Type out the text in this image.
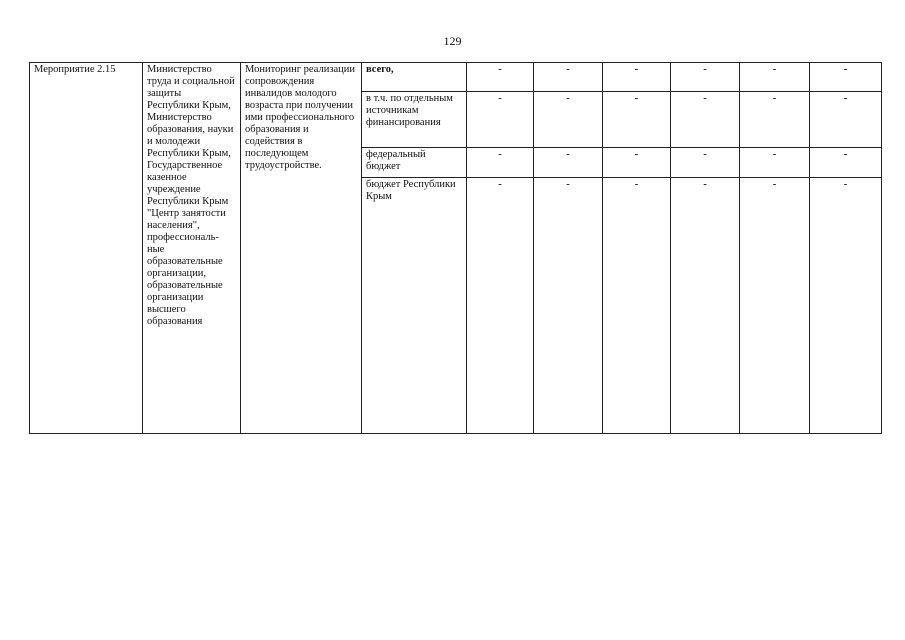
129
Мероприятие 2.15	Министерство труда и социальной защиты Республики Крым, Министерство образования, науки и молодежи Республики Крым, Государственное казенное учреждение Республики Крым "Центр занятости населения", профессиональ-ные образовательные организации, образовательные организации высшего образования	Мониторинг реализации сопровождения инвалидов молодого возраста при получении ими профессионального образования и содействия в последующем трудоустройстве.	всего,	-	-	-	-	-	-
			в т.ч. по отдельным источникам финансирования	-	-	-	-	-	-
			федеральный бюджет	-	-	-	-	-	-
			бюджет Республики Крым	-	-	-	-	-	-
